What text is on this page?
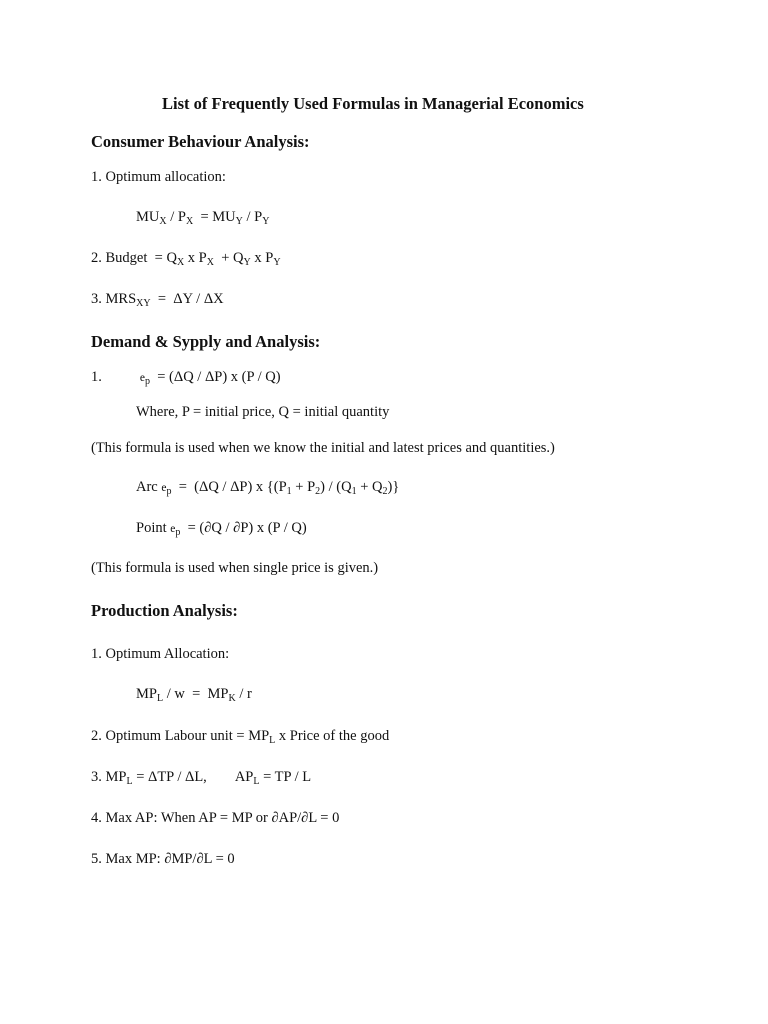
List of Frequently Used Formulas in Managerial Economics
Consumer Behaviour Analysis:
1. Optimum allocation:
$MU_X / P_X = MU_Y / P_Y$
2. Budget  = $Q_X$ x $P_X + Q_Y$ x $P_Y$
3. $MRS_{XY} = \Delta Y / \Delta X$
Demand & Sypply and Analysis:
1.	$e_p = (\Delta Q / \Delta P)$ x (P / Q)
Where, P = initial price, Q = initial quantity
(This formula is used when we know the initial and latest prices and quantities.)
Arc $e_p = (\Delta Q / \Delta P)$ x $\{(P_1 + P_2) / (Q_1 + Q_2)\}$
Point $e_p = (\partial Q / \partial P)$ x (P / Q)
(This formula is used when single price is given.)
Production Analysis:
1. Optimum Allocation:
$MP_L / w = MP_K / r$
2. Optimum Labour unit = $MP_L$ x Price of the good
3. $MP_L = \Delta TP / \Delta L$, $AP_L$ = TP / L
4. Max AP: When AP = MP or ∂AP/∂L = 0
5. Max MP: ∂MP/∂L = 0
